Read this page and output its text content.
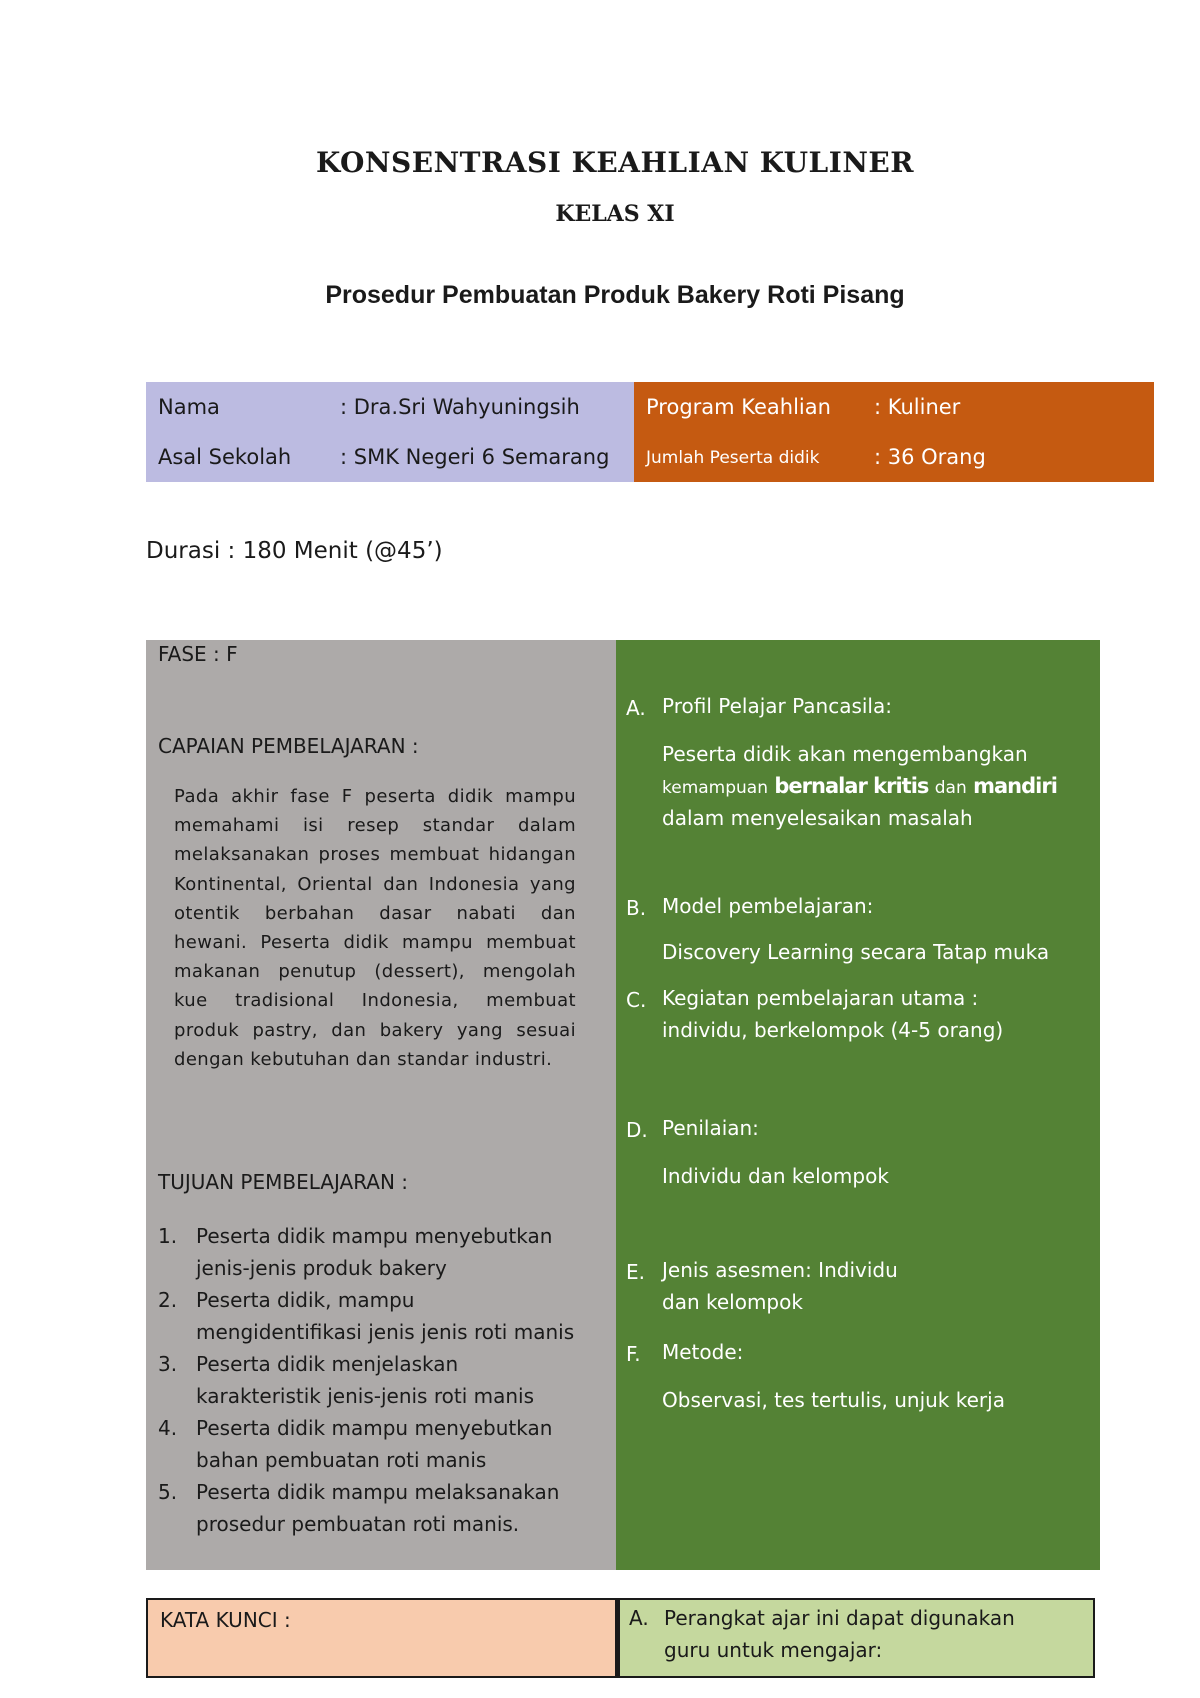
KONSENTRASI KEAHLIAN KULINER
KELAS XI
Prosedur Pembuatan Produk Bakery Roti Pisang
Nama	: Dra.Sri Wahyuningsih
Asal Sekolah : SMK Negeri 6 Semarang
Program Keahlian : Kuliner
Jumlah Peserta didik	: 36 Orang
Durasi : 180 Menit (@45’)
FASE : F
CAPAIAN PEMBELAJARAN :
Pada akhir fase F peserta didik mampu memahami isi resep standar dalam melaksanakan proses membuat hidangan Kontinental, Oriental dan Indonesia yang otentik berbahan dasar nabati dan hewani. Peserta didik mampu membuat makanan penutup (dessert), mengolah kue tradisional Indonesia, membuat produk pastry, dan bakery yang sesuai dengan kebutuhan dan standar industri.
TUJUAN PEMBELAJARAN :
1. Peserta didik mampu menyebutkan jenis-jenis produk bakery
2. Peserta didik, mampu mengidentifikasi jenis jenis roti manis
3. Peserta didik menjelaskan karakteristik jenis-jenis roti manis
4. Peserta didik mampu menyebutkan bahan pembuatan roti manis
5. Peserta didik mampu melaksanakan prosedur pembuatan roti manis.
A. Profil Pelajar Pancasila:
Peserta didik akan mengembangkan
kemampuan bernalar kritis dan mandiri
dalam menyelesaikan masalah
B. Model pembelajaran:
Discovery Learning secara Tatap muka
C. Kegiatan pembelajaran utama :
individu, berkelompok (4-5 orang)
D. Penilaian:
Individu dan kelompok
E. Jenis asesmen: Individu
dan kelompok
F. Metode:
Observasi, tes tertulis, unjuk kerja
KATA KUNCI :	A. Perangkat ajar ini dapat digunakan
guru untuk mengajar:
